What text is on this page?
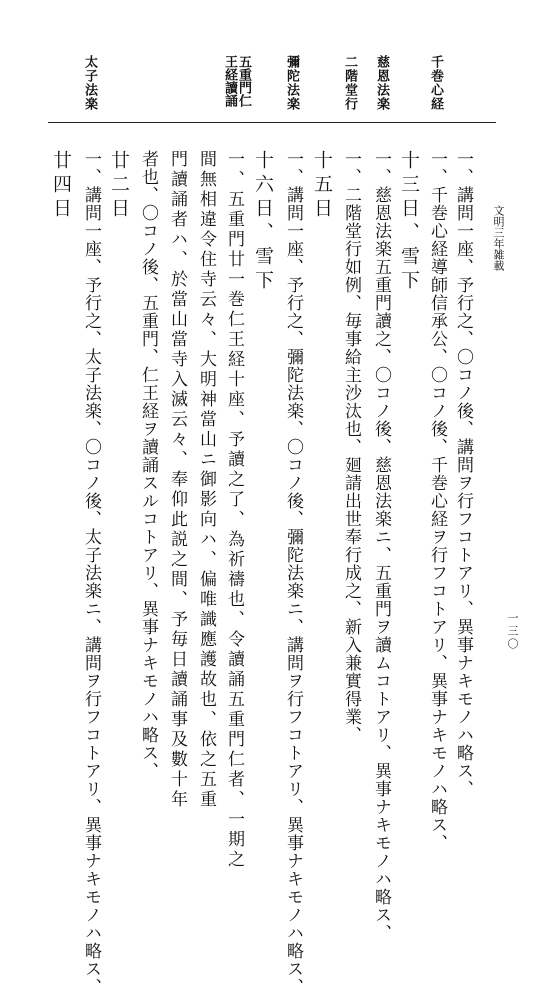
文明三年雑載
千巻心経
慈恩法楽
二階堂行
彌陀法楽
五重門仁
王経讀誦
太子法楽
一、講問一座、予行之、〇コノ後、講問ヲ行フコトアリ、異事ナキモノハ略ス、
一、千巻心経導師信承公、〇コノ後、千巻心経ヲ行フコトアリ、異事ナキモノハ略ス、
十三日、雪下
一、慈恩法楽五重門讀之、〇コノ後、慈恩法楽ニ、五重門ヲ讀ムコトアリ、異事ナキモノハ略ス、
一、二階堂行如例、毎事給主沙汰也、廻請出世奉行成之、新入兼實得業、
十五日
一、講問一座、予行之、彌陀法楽、〇コノ後、彌陀法楽ニ、講問ヲ行フコトアリ、異事ナキモノハ略ス、
十六日、雪下
一、五重門廿一巻仁王経十座、予讀之了、為祈禱也、令讀誦五重門仁者、一期之
間無相違令住寺云々、大明神當山ニ御影向ハ、偏唯識應護故也、依之五重
門讀誦者ハ、於當山當寺入滅云々、奉仰此説之間、予毎日讀誦事及數十年
者也、〇コノ後、五重門、仁王経ヲ讀誦スルコトアリ、異事ナキモノハ略ス、
廿二日
一、講問一座、予行之、太子法楽、〇コノ後、太子法楽ニ、講問ヲ行フコトアリ、異事ナキモノハ略ス、
廿四日
一三〇
